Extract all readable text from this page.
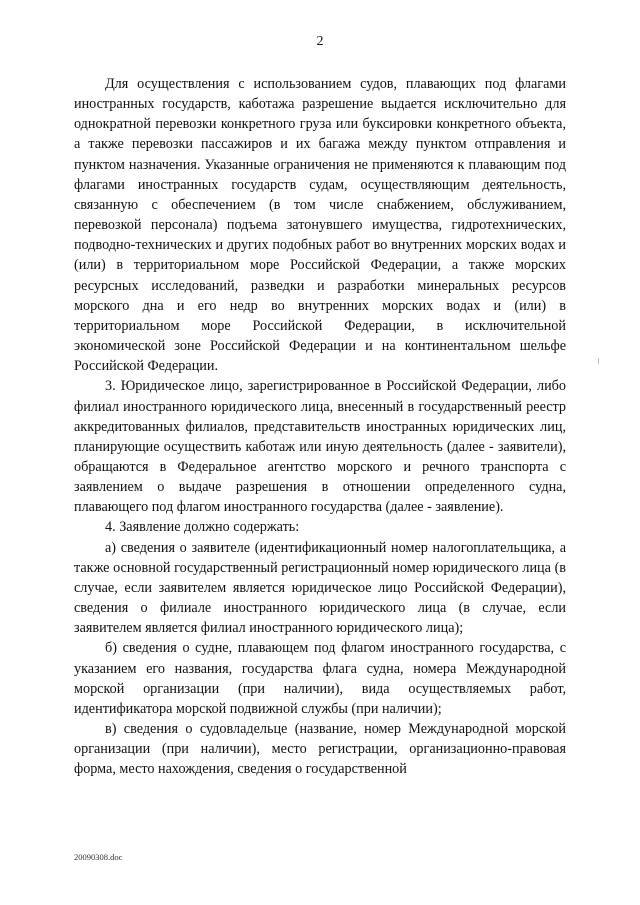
2

Для осуществления с использованием судов, плавающих под флагами иностранных государств, каботажа разрешение выдается исключительно для однократной перевозки конкретного груза или буксировки конкретного объекта, а также перевозки пассажиров и их багажа между пунктом отправления и пунктом назначения. Указанные ограничения не применяются к плавающим под флагами иностранных государств судам, осуществляющим деятельность, связанную с обеспечением (в том числе снабжением, обслуживанием, перевозкой персонала) подъема затонувшего имущества, гидротехнических, подводно-технических и других подобных работ во внутренних морских водах и (или) в территориальном море Российской Федерации, а также морских ресурсных исследований, разведки и разработки минеральных ресурсов морского дна и его недр во внутренних морских водах и (или) в территориальном море Российской Федерации, в исключительной экономической зоне Российской Федерации и на континентальном шельфе Российской Федерации.

3. Юридическое лицо, зарегистрированное в Российской Федерации, либо филиал иностранного юридического лица, внесенный в государственный реестр аккредитованных филиалов, представительств иностранных юридических лиц, планирующие осуществить каботаж или иную деятельность (далее - заявители), обращаются в Федеральное агентство морского и речного транспорта с заявлением о выдаче разрешения в отношении определенного судна, плавающего под флагом иностранного государства (далее - заявление).

4. Заявление должно содержать:

а) сведения о заявителе (идентификационный номер налогоплательщика, а также основной государственный регистрационный номер юридического лица (в случае, если заявителем является юридическое лицо Российской Федерации), сведения о филиале иностранного юридического лица (в случае, если заявителем является филиал иностранного юридического лица);

б) сведения о судне, плавающем под флагом иностранного государства, с указанием его названия, государства флага судна, номера Международной морской организации (при наличии), вида осуществляемых работ, идентификатора морской подвижной службы (при наличии);

в) сведения о судовладельце (название, номер Международной морской организации (при наличии), место регистрации, организационно-правовая форма, место нахождения, сведения о государственной

20090308.doc
